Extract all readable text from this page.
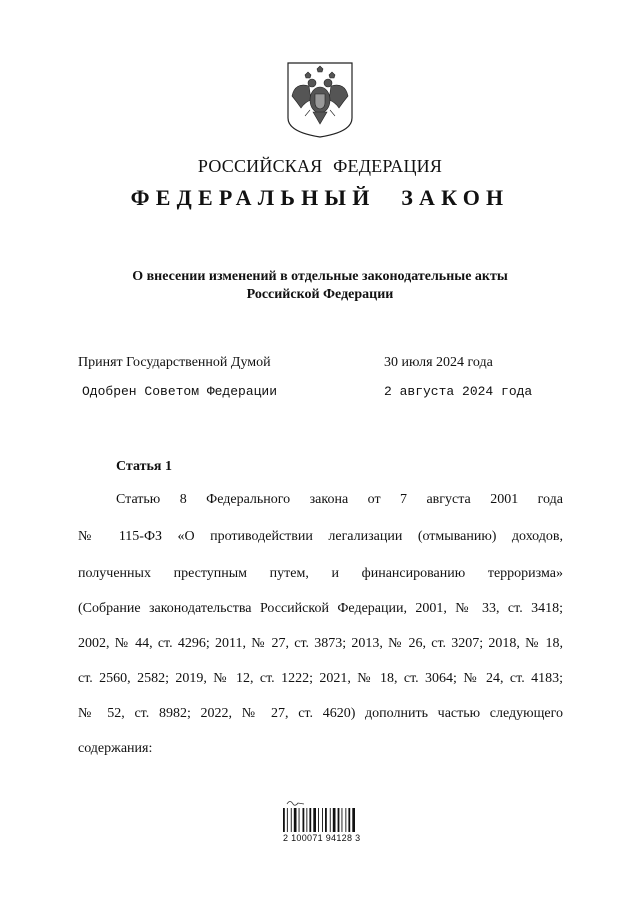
РОССИЙСКАЯ ФЕДЕРАЦИЯ
ФЕДЕРАЛЬНЫЙ ЗАКОН
О внесении изменений в отдельные законодательные акты
Российской Федерации
Принят Государственной Думой	30 июля 2024 года
Одобрен Советом Федерации	2 августа 2024 года
Статья 1
Статью 8 Федерального закона от 7 августа 2001 года
№ 115-ФЗ «О противодействии легализации (отмыванию) доходов,
полученных преступным путем, и финансированию терроризма»
(Собрание законодательства Российской Федерации, 2001, № 33, ст. 3418;
2002, № 44, ст. 4296; 2011, № 27, ст. 3873; 2013, № 26, ст. 3207; 2018, № 18,
ст. 2560, 2582; 2019, № 12, ст. 1222; 2021, № 18, ст. 3064; № 24, ст. 4183;
№ 52, ст. 8982; 2022, № 27, ст. 4620) дополнить частью следующего
содержания:
2 100071 94128 3
